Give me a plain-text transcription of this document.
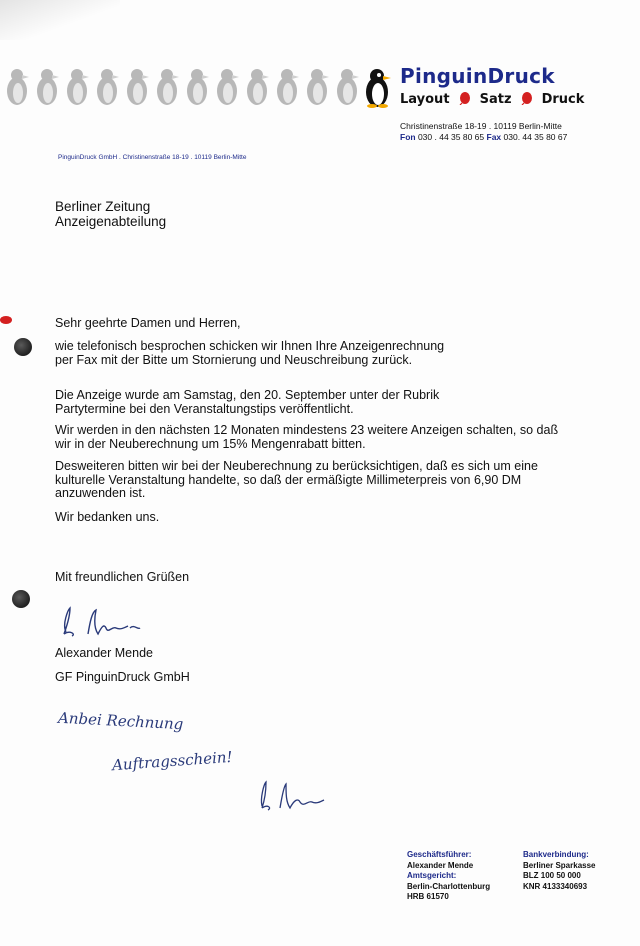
PinguinDruck
Layout Satz Druck
Christinenstraße 18-19 . 10119 Berlin-Mitte
Fon 030 . 44 35 80 65 Fax 030. 44 35 80 67
PinguinDruck GmbH . Christinenstraße 18-19 . 10119 Berlin-Mitte
Berliner Zeitung
Anzeigenabteilung
Sehr geehrte Damen und Herren,
wie telefonisch besprochen schicken wir Ihnen Ihre Anzeigenrechnung
per Fax mit der Bitte um Stornierung und Neuschreibung zurück.
Die Anzeige wurde am Samstag, den 20. September unter der Rubrik
Partytermine bei den Veranstaltungstips veröffentlicht.
Wir werden in den nächsten 12 Monaten mindestens 23 weitere Anzeigen schalten, so daß
wir in der Neuberechnung um 15% Mengenrabatt bitten.
Desweiteren bitten wir bei der Neuberechnung zu berücksichtigen, daß es sich um eine
kulturelle Veranstaltung handelte, so daß der ermäßigte Millimeterpreis von 6,90 DM
anzuwenden ist.
Wir bedanken uns.
Mit freundlichen Grüßen
Alexander Mende
GF PinguinDruck GmbH
Anbei Rechnung
Auftragsschein!
Geschäftsführer:
Alexander Mende
Amtsgericht:
Berlin-Charlottenburg
HRB 61570
Bankverbindung:
Berliner Sparkasse
BLZ 100 50 000
KNR 4133340693
